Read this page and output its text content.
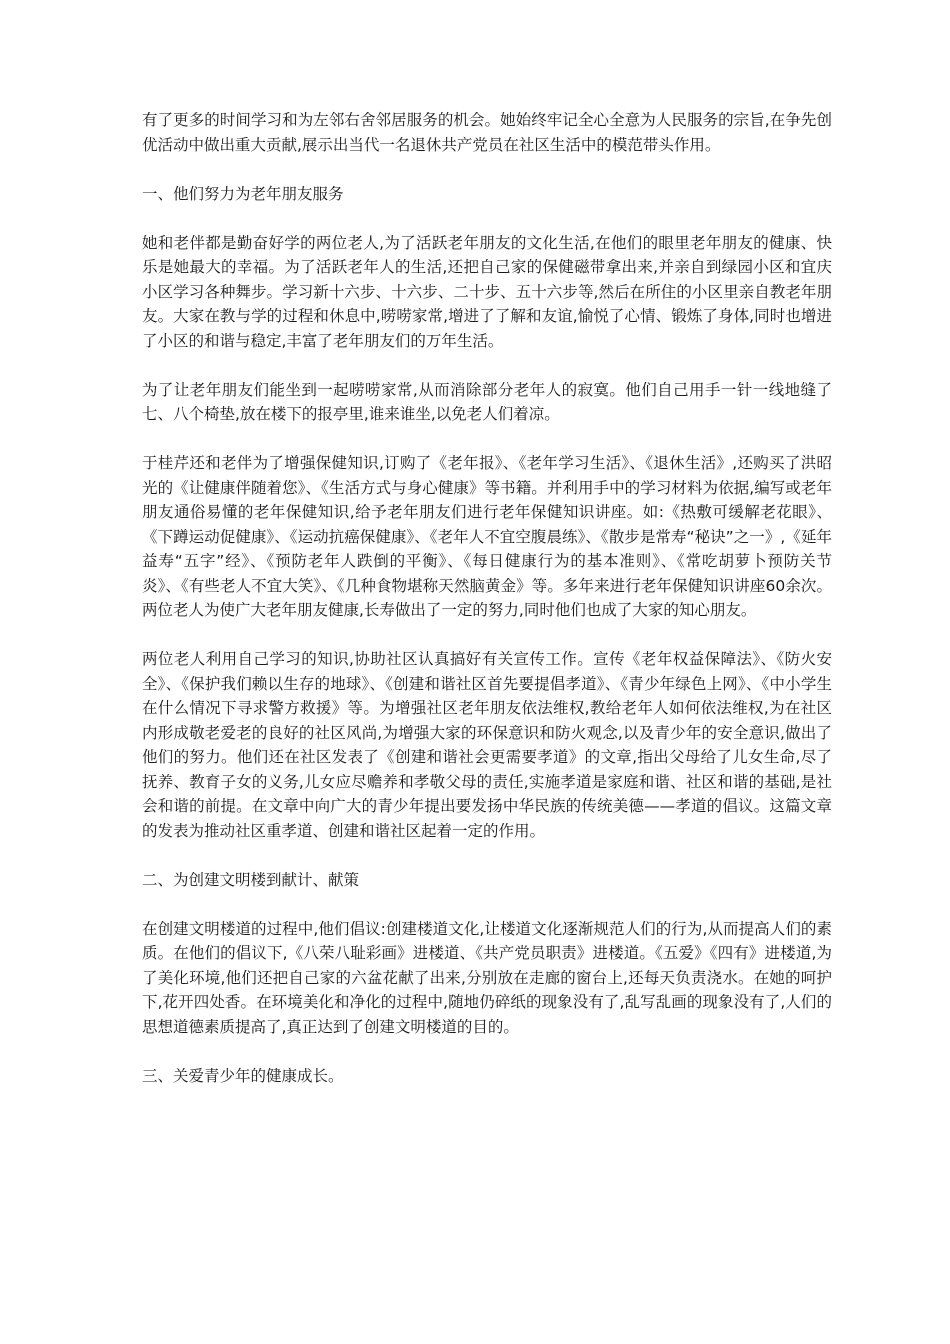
有了更多的时间学习和为左邻右舍邻居服务的机会。她始终牢记全心全意为人民服务的宗旨,在争先创优活动中做出重大贡献,展示出当代一名退休共产党员在社区生活中的模范带头作用。

一、他们努力为老年朋友服务

她和老伴都是勤奋好学的两位老人,为了活跃老年朋友的文化生活,在他们的眼里老年朋友的健康、快乐是她最大的幸福。为了活跃老年人的生活,还把自己家的保健磁带拿出来,并亲自到绿园小区和宜庆小区学习各种舞步。学习新十六步、十六步、二十步、五十六步等,然后在所住的小区里亲自教老年朋友。大家在教与学的过程和休息中,唠唠家常,增进了了解和友谊,愉悦了心情、锻炼了身体,同时也增进了小区的和谐与稳定,丰富了老年朋友们的万年生活。

为了让老年朋友们能坐到一起唠唠家常,从而消除部分老年人的寂寞。他们自己用手一针一线地缝了七、八个椅垫,放在楼下的报亭里,谁来谁坐,以免老人们着凉。

于桂芹还和老伴为了增强保健知识,订购了《老年报》、《老年学习生活》、《退休生活》,还购买了洪昭光的《让健康伴随着您》、《生活方式与身心健康》等书籍。并利用手中的学习材料为依据,编写或老年朋友通俗易懂的老年保健知识,给予老年朋友们进行老年保健知识讲座。如:《热敷可缓解老花眼》、《下蹲运动促健康》、《运动抗癌保健康》、《老年人不宜空腹晨练》、《散步是常寿“秘诀”之一》,《延年益寿“五字”经》、《预防老年人跌倒的平衡》、《每日健康行为的基本准则》、《常吃胡萝卜预防关节炎》、《有些老人不宜大笑》、《几种食物堪称天然脑黄金》等。多年来进行老年保健知识讲座60余次。两位老人为使广大老年朋友健康,长寿做出了一定的努力,同时他们也成了大家的知心朋友。

两位老人利用自己学习的知识,协助社区认真搞好有关宣传工作。宣传《老年权益保障法》、《防火安全》、《保护我们赖以生存的地球》、《创建和谐社区首先要提倡孝道》、《青少年绿色上网》、《中小学生在什么情况下寻求警方救援》等。为增强社区老年朋友依法维权,教给老年人如何依法维权,为在社区内形成敬老爱老的良好的社区风尚,为增强大家的环保意识和防火观念,以及青少年的安全意识,做出了他们的努力。他们还在社区发表了《创建和谐社会更需要孝道》的文章,指出父母给了儿女生命,尽了抚养、教育子女的义务,儿女应尽赡养和孝敬父母的责任,实施孝道是家庭和谐、社区和谐的基础,是社会和谐的前提。在文章中向广大的青少年提出要发扬中华民族的传统美德——孝道的倡议。这篇文章的发表为推动社区重孝道、创建和谐社区起着一定的作用。

二、为创建文明楼到献计、献策

在创建文明楼道的过程中,他们倡议:创建楼道文化,让楼道文化逐渐规范人们的行为,从而提高人们的素质。在他们的倡议下,《八荣八耻彩画》进楼道、《共产党员职责》进楼道。《五爱》《四有》进楼道,为了美化环境,他们还把自己家的六盆花献了出来,分别放在走廊的窗台上,还每天负责浇水。在她的呵护下,花开四处香。在环境美化和净化的过程中,随地仍碎纸的现象没有了,乱写乱画的现象没有了,人们的思想道德素质提高了,真正达到了创建文明楼道的目的。

三、关爱青少年的健康成长。
